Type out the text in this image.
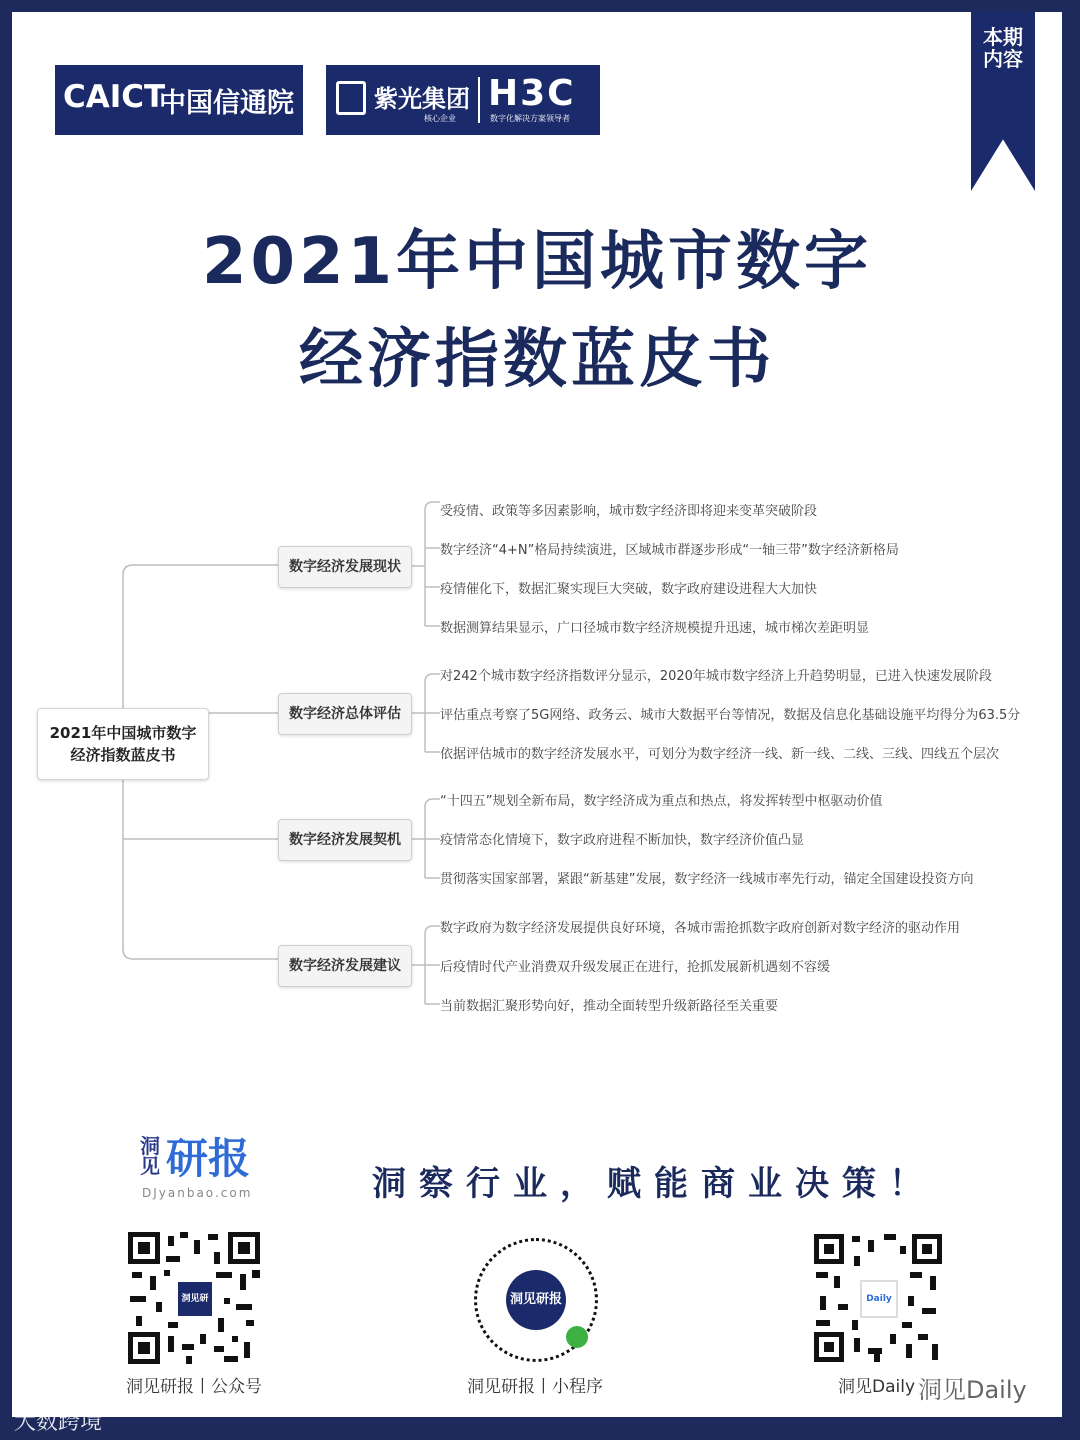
CAICT
中国信通院	紫光集团
核心企业
H3C
数字化解决方案领导者
本期内容
2021年中国城市数字
经济指数蓝皮书
2021年中国城市数字
经济指数蓝皮书
数字经济发展现状
受疫情、政策等多因素影响，城市数字经济即将迎来变革突破阶段
数字经济“4+N”格局持续演进，区域城市群逐步形成“一轴三带”数字经济新格局
疫情催化下，数据汇聚实现巨大突破，数字政府建设进程大大加快
数据测算结果显示，广口径城市数字经济规模提升迅速，城市梯次差距明显
数字经济总体评估
对242个城市数字经济指数评分显示，2020年城市数字经济上升趋势明显，已进入快速发展阶段
评估重点考察了5G网络、政务云、城市大数据平台等情况，数据及信息化基础设施平均得分为63.5分
依据评估城市的数字经济发展水平，可划分为数字经济一线、新一线、二线、三线、四线五个层次
数字经济发展契机
“十四五”规划全新布局，数字经济成为重点和热点，将发挥转型中枢驱动价值
疫情常态化情境下，数字政府进程不断加快，数字经济价值凸显
贯彻落实国家部署，紧跟“新基建”发展，数字经济一线城市率先行动，锚定全国建设投资方向
数字经济发展建议
数字政府为数字经济发展提供良好环境，各城市需抢抓数字政府创新对数字经济的驱动作用
后疫情时代产业消费双升级发展正在进行，抢抓发展新机遇刻不容缓
当前数据汇聚形势向好，推动全面转型升级新路径至关重要
洞见 研报
DJyanbao.com	洞察行业，赋能商业决策！
洞见研报
洞见研报丨公众号
洞见研报
洞见研报丨小程序
Daily
洞见Daily 洞见Daily
大数跨境
